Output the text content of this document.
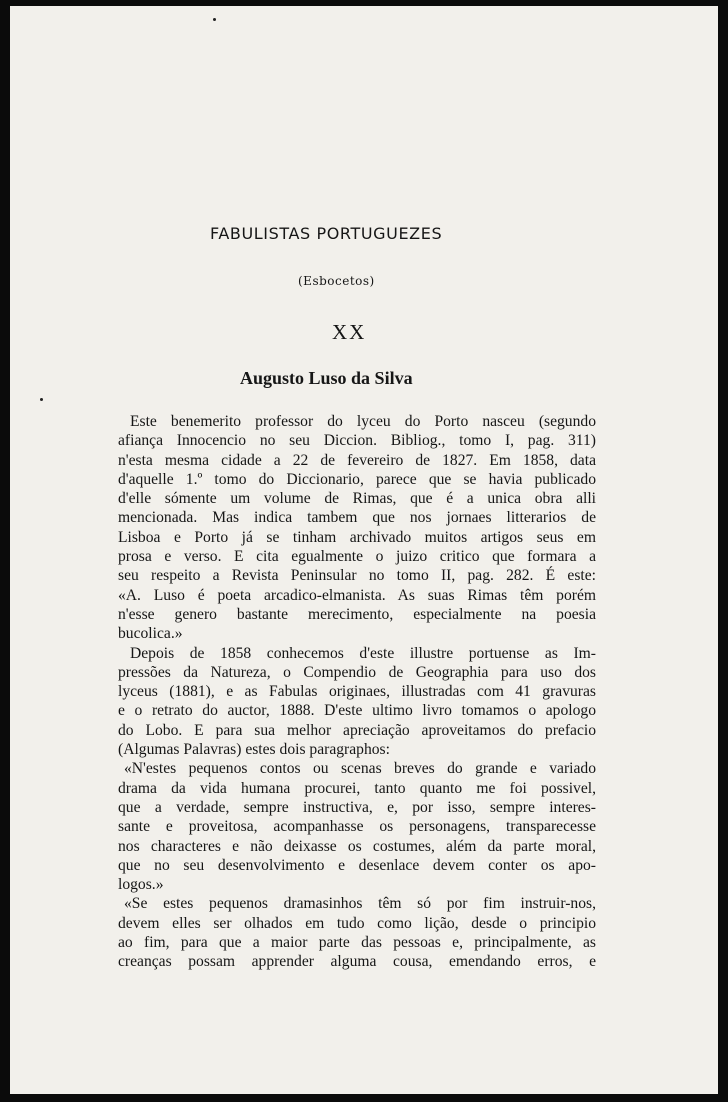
FABULISTAS PORTUGUEZES
(Esbocetos)
XX
Augusto Luso da Silva
Este benemerito professor do lyceu do Porto nasceu (segundo
afiança Innocencio no seu Diccion. Bibliog., tomo I, pag. 311)
n'esta mesma cidade a 22 de fevereiro de 1827. Em 1858, data
d'aquelle 1.º tomo do Diccionario, parece que se havia publicado
d'elle sómente um volume de Rimas, que é a unica obra alli
mencionada. Mas indica tambem que nos jornaes litterarios de
Lisboa e Porto já se tinham archivado muitos artigos seus em
prosa e verso. E cita egualmente o juizo critico que formara a
seu respeito a Revista Peninsular no tomo II, pag. 282. É este:
«A. Luso é poeta arcadico-elmanista. As suas Rimas têm porém
n'esse genero bastante merecimento, especialmente na poesia
bucolica.»
Depois de 1858 conhecemos d'este illustre portuense as Im-
pressões da Natureza, o Compendio de Geographia para uso dos
lyceus (1881), e as Fabulas originaes, illustradas com 41 gravuras
e o retrato do auctor, 1888. D'este ultimo livro tomamos o apologo
do Lobo. E para sua melhor apreciação aproveitamos do prefacio
(Algumas Palavras) estes dois paragraphos:
«N'estes pequenos contos ou scenas breves do grande e variado
drama da vida humana procurei, tanto quanto me foi possivel,
que a verdade, sempre instructiva, e, por isso, sempre interes-
sante e proveitosa, acompanhasse os personagens, transparecesse
nos characteres e não deixasse os costumes, além da parte moral,
que no seu desenvolvimento e desenlace devem conter os apo-
logos.»
«Se estes pequenos dramasinhos têm só por fim instruir-nos,
devem elles ser olhados em tudo como lição, desde o principio
ao fim, para que a maior parte das pessoas e, principalmente, as
creanças possam apprender alguma cousa, emendando erros, e
